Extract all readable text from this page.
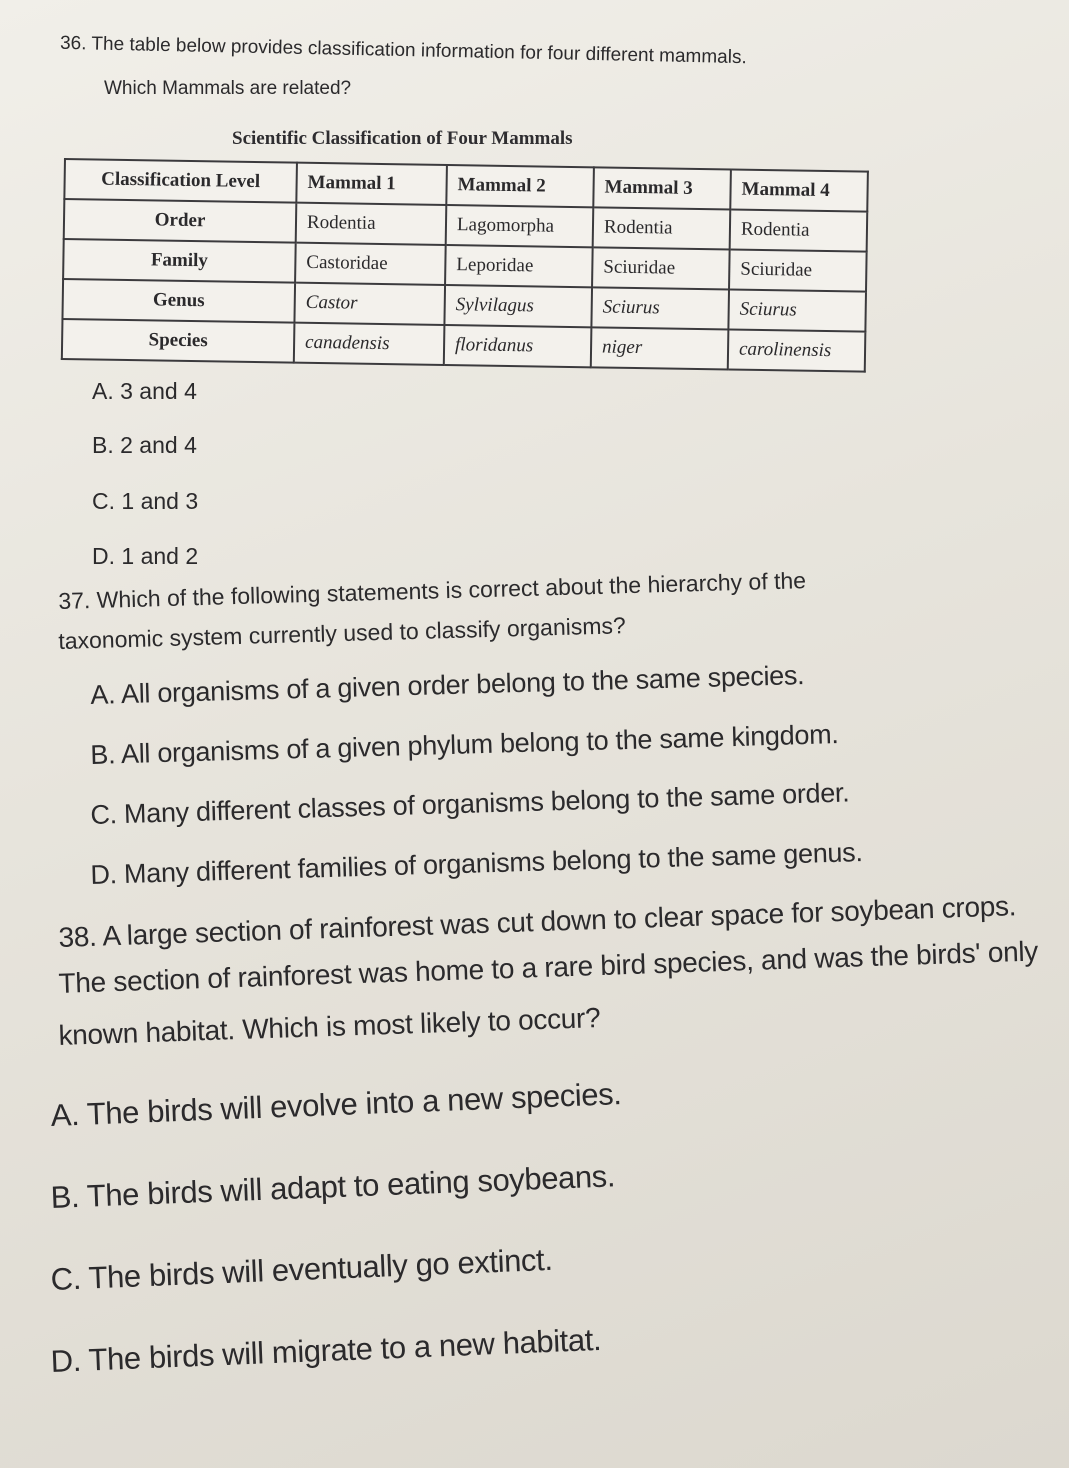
36. The table below provides classification information for four different mammals.
Which Mammals are related?
Scientific Classification of Four Mammals
Classification Level	Mammal 1	Mammal 2	Mammal 3	Mammal 4
Order	Rodentia	Lagomorpha	Rodentia	Rodentia
Family	Castoridae	Leporidae	Sciuridae	Sciuridae
Genus	Castor	Sylvilagus	Sciurus	Sciurus
Species	canadensis	floridanus	niger	carolinensis
A. 3 and 4
B. 2 and 4
C. 1 and 3
D. 1 and 2
37. Which of the following statements is correct about the hierarchy of the
taxonomic system currently used to classify organisms?
A. All organisms of a given order belong to the same species.
B. All organisms of a given phylum belong to the same kingdom.
C. Many different classes of organisms belong to the same order.
D. Many different families of organisms belong to the same genus.
38. A large section of rainforest was cut down to clear space for soybean crops.
The section of rainforest was home to a rare bird species, and was the birds' only
known habitat. Which is most likely to occur?
A. The birds will evolve into a new species.
B. The birds will adapt to eating soybeans.
C. The birds will eventually go extinct.
D. The birds will migrate to a new habitat.
